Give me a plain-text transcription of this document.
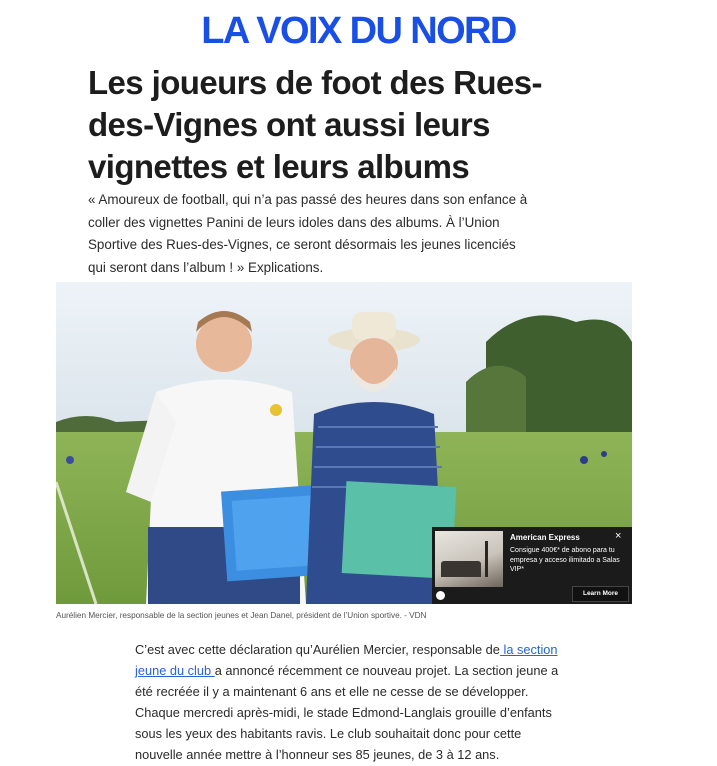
LA VOIX DU NORD
Les joueurs de foot des Rues-des-Vignes ont aussi leurs vignettes et leurs albums

« Amoureux de football, qui n’a pas passé des heures dans son enfance à coller des vignettes Panini de leurs idoles dans des albums. À l’Union Sportive des Rues-des-Vignes, ce seront désormais les jeunes licenciés qui seront dans l’album ! » Explications.

American Express
Consigue 400€* de abono para tu empresa y acceso ilimitado a Salas VIP*
×
Learn More
Aurélien Mercier, responsable de la section jeunes et Jean Danel, président de l’Union sportive. - VDN

C’est avec cette déclaration qu’Aurélien Mercier, responsable de la section jeune du club a annoncé récemment ce nouveau projet. La section jeune a été recréée il y a maintenant 6 ans et elle ne cesse de se développer. Chaque mercredi après-midi, le stade Edmond-Langlais grouille d’enfants sous les yeux des habitants ravis. Le club souhaitait donc pour cette nouvelle année mettre à l’honneur ses 85 jeunes, de 3 à 12 ans.
